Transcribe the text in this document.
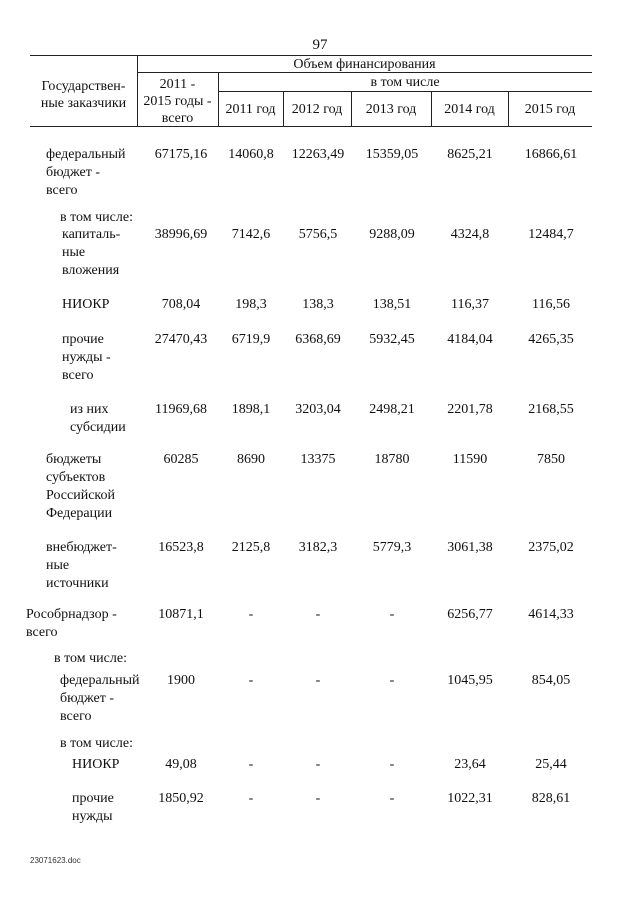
97
Государствен-
ные заказчики
Объем финансирования
2011 -
2015 годы -
всего
в том числе
2011 год	2012 год	2013 год	2014 год	2015 год
федеральный
бюджет -
всего
67175,16	14060,8	12263,49	15359,05	8625,21	16866,61
в том числе:
капиталь-
ные
вложения
38996,69	7142,6	5756,5	9288,09	4324,8	12484,7
НИОКР	708,04	198,3	138,3	138,51	116,37	116,56
прочие
нужды -
всего
27470,43	6719,9	6368,69	5932,45	4184,04	4265,35
из них
субсидии
11969,68	1898,1	3203,04	2498,21	2201,78	2168,55
бюджеты
субъектов
Российской
Федерации
60285	8690	13375	18780	11590	7850
внебюджет-
ные
источники
16523,8	2125,8	3182,3	5779,3	3061,38	2375,02
Рособрнадзор -
всего
10871,1	-	-	-	6256,77	4614,33
в том числе:
федеральный
бюджет -
всего
1900	-	-	-	1045,95	854,05
в том числе:
НИОКР	49,08	-	-	-	23,64	25,44
прочие
нужды
1850,92	-	-	-	1022,31	828,61
23071623.doc
